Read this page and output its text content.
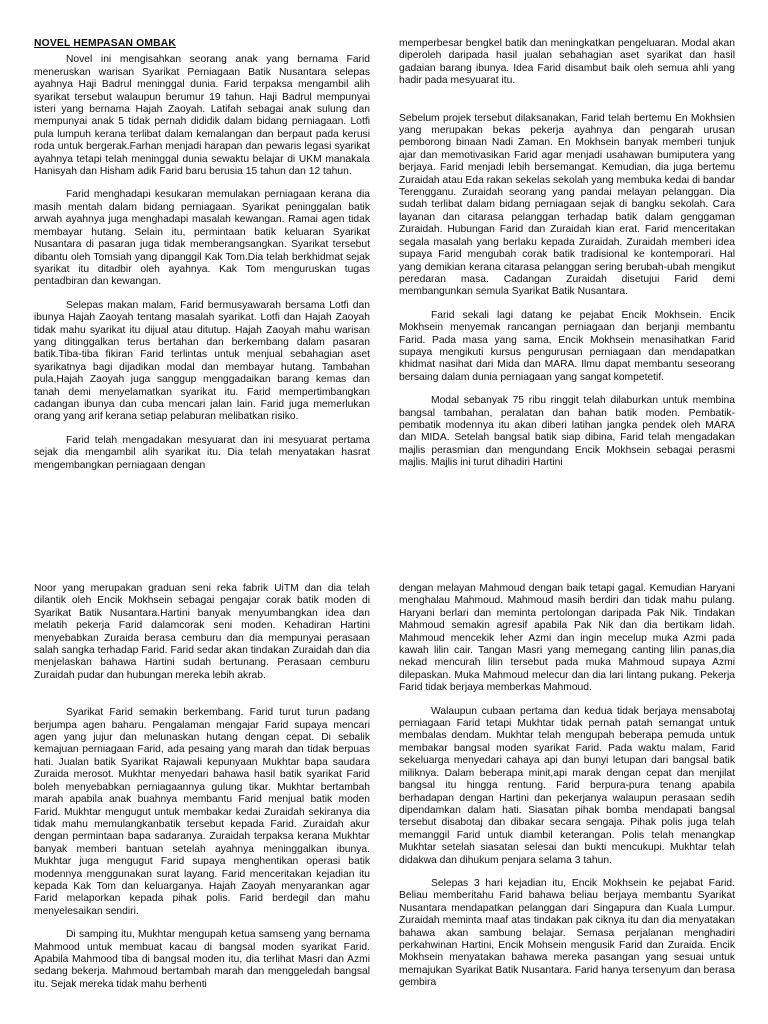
NOVEL HEMPASAN OMBAK

Novel ini mengisahkan seorang anak yang bernama Farid meneruskan warisan Syarikat Perniagaan Batik Nusantara selepas ayahnya Haji Badrul meninggal dunia. Farid terpaksa mengambil alih syarikat tersebut walaupun berumur 19 tahun. Haji Badrul mempunyai isteri yang bernama Hajah Zaoyah. Latifah sebagai anak sulung dan mempunyai anak 5 tidak pernah dididik dalam bidang perniagaan. Lotfi pula lumpuh kerana terlibat dalam kemalangan dan berpaut pada kerusi roda untuk bergerak.Farhan menjadi harapan dan pewaris legasi syarikat ayahnya tetapi telah meninggal dunia sewaktu belajar di UKM manakala Hanisyah dan Hisham adik Farid baru berusia 15 tahun dan 12 tahun.

Farid menghadapi kesukaran memulakan perniagaan kerana dia masih mentah dalam bidang perniagaan. Syarikat peninggalan batik arwah ayahnya juga menghadapi masalah kewangan. Ramai agen tidak membayar hutang. Selain itu, permintaan batik keluaran Syarikat Nusantara di pasaran juga tidak memberangsangkan. Syarikat tersebut dibantu oleh Tomsiah yang dipanggil Kak Tom.Dia telah berkhidmat sejak syarikat itu ditadbir oleh ayahnya. Kak Tom menguruskan tugas pentadbiran dan kewangan.

Selepas makan malam, Farid bermusyawarah bersama Lotfi dan ibunya Hajah Zaoyah tentang masalah syarikat. Lotfi dan Hajah Zaoyah tidak mahu syarikat itu dijual atau ditutup. Hajah Zaoyah mahu warisan yang ditinggalkan terus bertahan dan berkembang dalam pasaran batik.Tiba-tiba fikiran Farid terlintas untuk menjual sebahagian aset syarikatnya bagi dijadikan modal dan membayar hutang. Tambahan pula,Hajah Zaoyah juga sanggup menggadaikan barang kemas dan tanah demi menyelamatkan syarikat itu. Farid mempertimbangkan cadangan ibunya dan cuba mencari jalan lain. Farid juga memerlukan orang yang arif kerana setiap pelaburan melibatkan risiko.

Farid telah mengadakan mesyuarat dan ini mesyuarat pertama sejak dia mengambil alih syarikat itu. Dia telah menyatakan hasrat mengembangkan perniagaan dengan

memperbesar bengkel batik dan meningkatkan pengeluaran. Modal akan diperoleh daripada hasil jualan sebahagian aset syarikat dan hasil gadaian barang ibunya. Idea Farid disambut baik oleh semua ahli yang hadir pada mesyuarat itu.

Sebelum projek tersebut dilaksanakan, Farid telah bertemu En Mokhsien yang merupakan bekas pekerja ayahnya dan pengarah urusan pemborong binaan Nadi Zaman. En Mokhsein banyak memberi tunjuk ajar dan memotivasikan Farid agar menjadi usahawan bumiputera yang berjaya. Farid menjadi lebih bersemangat. Kemudian, dia juga bertemu Zuraidah atau Eda rakan sekelas sekolah yang membuka kedai di bandar Terengganu. Zuraidah seorang yang pandai melayan pelanggan. Dia sudah terlibat dalam bidang perniagaan sejak di bangku sekolah. Cara layanan dan citarasa pelanggan terhadap batik dalam genggaman Zuraidah. Hubungan Farid dan Zuraidah kian erat. Farid menceritakan segala masalah yang berlaku kepada Zuraidah. Zuraidah memberi idea supaya Farid mengubah corak batik tradisional ke kontemporari. Hal yang demikian kerana citarasa pelanggan sering berubah-ubah mengikut peredaran masa. Cadangan Zuraidah disetujui Farid demi membangunkan semula Syarikat Batik Nusantara.

Farid sekali lagi datang ke pejabat Encik Mokhsein. Encik Mokhsein menyemak rancangan perniagaan dan berjanji membantu Farid. Pada masa yang sama, Encik Mokhsein menasihatkan Farid supaya mengikuti kursus pengurusan perniagaan dan mendapatkan khidmat nasihat dari Mida dan MARA. Ilmu dapat membantu seseorang bersaing dalam dunia perniagaan yang sangat kompetetif.

Modal sebanyak 75 ribu ringgit telah dilaburkan untuk membina bangsal tambahan, peralatan dan bahan batik moden. Pembatik-pembatik modennya itu akan diberi latihan jangka pendek oleh MARA dan MIDA. Setelah bangsal batik siap dibina, Farid telah mengadakan majlis perasmian dan mengundang Encik Mokhsein sebagai perasmi majlis. Majlis ini turut dihadiri Hartini

Noor yang merupakan graduan seni reka fabrik UiTM dan dia telah dilantik oleh Encik Mokhsein sebagai pengajar corak batik moden di Syarikat Batik Nusantara.Hartini banyak menyumbangkan idea dan melatih pekerja Farid dalamcorak seni moden. Kehadiran Hartini menyebabkan Zuraida berasa cemburu dan dia mempunyai perasaan salah sangka terhadap Farid. Farid sedar akan tindakan Zuraidah dan dia menjelaskan bahawa Hartini sudah bertunang. Perasaan cemburu Zuraidah pudar dan hubungan mereka lebih akrab.

Syarikat Farid semakin berkembang. Farid turut turun padang berjumpa agen baharu. Pengalaman mengajar Farid supaya mencari agen yang jujur dan melunaskan hutang dengan cepat. Di sebalik kemajuan perniagaan Farid, ada pesaing yang marah dan tidak berpuas hati. Jualan batik Syarikat Rajawali kepunyaan Mukhtar bapa saudara Zuraida merosot. Mukhtar menyedari bahawa hasil batik syarikat Farid boleh menyebabkan perniagaannya gulung tikar. Mukhtar bertambah marah apabila anak buahnya membantu Farid menjual batik moden Farid. Mukhtar mengugut untuk membakar kedai Zuraidah sekiranya dia tidak mahu memulangkanbatik tersebut kepada Farid. Zuraidah akur dengan permintaan bapa sadaranya. Zuraidah terpaksa kerana Mukhtar banyak memberi bantuan setelah ayahnya meninggalkan ibunya. Mukhtar juga mengugut Farid supaya menghentikan operasi batik modennya menggunakan surat layang. Farid menceritakan kejadian itu kepada Kak Tom dan keluarganya. Hajah Zaoyah menyarankan agar Farid melaporkan kepada pihak polis. Farid berdegil dan mahu menyelesaikan sendiri.

Di samping itu, Mukhtar mengupah ketua samseng yang bernama Mahmood untuk membuat kacau di bangsal moden syarikat Farid. Apabila Mahmood tiba di bangsal moden itu, dia terlihat Masri dan Azmi sedang bekerja. Mahmoud bertambah marah dan menggeledah bangsal itu. Sejak mereka tidak mahu berhenti

dengan melayan Mahmoud dengan baik tetapi gagal. Kemudian Haryani menghalau Mahmoud. Mahmoud masih berdiri dan tidak mahu pulang. Haryani berlari dan meminta pertolongan daripada Pak Nik. Tindakan Mahmoud semakin agresif apabila Pak Nik dan dia bertikam lidah. Mahmoud mencekik leher Azmi dan ingin mecelup muka Azmi pada kawah lilin cair. Tangan Masri yang memegang canting lilin panas,dia nekad mencurah lilin tersebut pada muka Mahmoud supaya Azmi dilepaskan. Muka Mahmoud melecur dan dia lari lintang pukang. Pekerja Farid tidak berjaya memberkas Mahmoud.

Walaupun cubaan pertama dan kedua tidak berjaya mensabotaj perniagaan Farid tetapi Mukhtar tidak pernah patah semangat untuk membalas dendam. Mukhtar telah mengupah beberapa pemuda untuk membakar bangsal moden syarikat Farid. Pada waktu malam, Farid sekeluarga menyedari cahaya api dan bunyi letupan dari bangsal batik miliknya. Dalam beberapa minit,api marak dengan cepat dan menjilat bangsal itu hingga rentung. Farid berpura-pura tenang apabila berhadapan dengan Hartini dan pekerjanya walaupun perasaan sedih dipendamkan dalam hati. Siasatan pihak bomba mendapati bangsal tersebut disabotaj dan dibakar secara sengaja. Pihak polis juga telah memanggil Farid untuk diambil keterangan. Polis telah menangkap Mukhtar setelah siasatan selesai dan bukti mencukupi. Mukhtar telah didakwa dan dihukum penjara selama 3 tahun.

Selepas 3 hari kejadian itu, Encik Mokhsein ke pejabat Farid. Beliau memberitahu Farid bahawa beliau berjaya membantu Syarikat Nusantara mendapatkan pelanggan dari Singapura dan Kuala Lumpur. Zuraidah meminta maaf atas tindakan pak ciknya itu dan dia menyatakan bahawa akan sambung belajar. Semasa perjalanan menghadiri perkahwinan Hartini, Encik Mohsein mengusik Farid dan Zuraida. Encik Mokhsein menyatakan bahawa mereka pasangan yang sesuai untuk memajukan Syarikat Batik Nusantara. Farid hanya tersenyum dan berasa gembira
